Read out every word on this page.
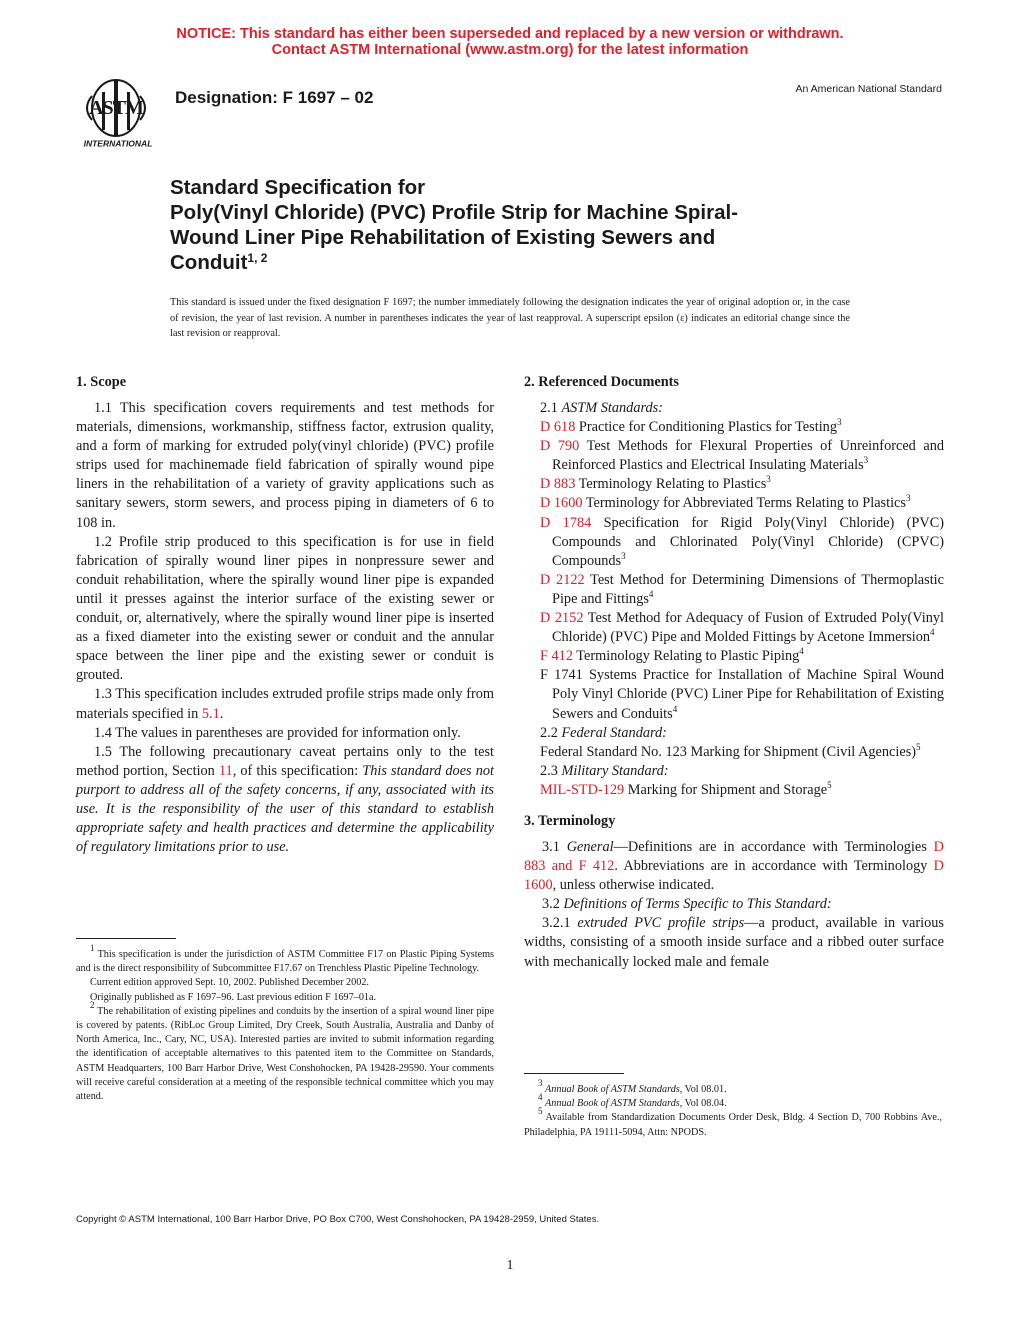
NOTICE: This standard has either been superseded and replaced by a new version or withdrawn.
Contact ASTM International (www.astm.org) for the latest information
ASTM
INTERNATIONAL
Designation: F 1697 – 02	An American National Standard
Standard Specification for
Poly(Vinyl Chloride) (PVC) Profile Strip for Machine Spiral-
Wound Liner Pipe Rehabilitation of Existing Sewers and
Conduit$^{1, 2}$
This standard is issued under the fixed designation F 1697; the number immediately following the designation indicates the year of original adoption or, in the case of revision, the year of last revision. A number in parentheses indicates the year of last reapproval. A superscript epsilon (ε) indicates an editorial change since the last revision or reapproval.
1. Scope

1.1 This specification covers requirements and test methods for materials, dimensions, workmanship, stiffness factor, extrusion quality, and a form of marking for extruded poly(vinyl chloride) (PVC) profile strips used for machinemade field fabrication of spirally wound pipe liners in the rehabilitation of a variety of gravity applications such as sanitary sewers, storm sewers, and process piping in diameters of 6 to 108 in.

1.2 Profile strip produced to this specification is for use in field fabrication of spirally wound liner pipes in nonpressure sewer and conduit rehabilitation, where the spirally wound liner pipe is expanded until it presses against the interior surface of the existing sewer or conduit, or, alternatively, where the spirally wound liner pipe is inserted as a fixed diameter into the existing sewer or conduit and the annular space between the liner pipe and the existing sewer or conduit is grouted.

1.3 This specification includes extruded profile strips made only from materials specified in 5.1.

1.4 The values in parentheses are provided for information only.

1.5 The following precautionary caveat pertains only to the test method portion, Section 11, of this specification: This standard does not purport to address all of the safety concerns, if any, associated with its use. It is the responsibility of the user of this standard to establish appropriate safety and health practices and determine the applicability of regulatory limitations prior to use.

$^1$ This specification is under the jurisdiction of ASTM Committee F17 on Plastic Piping Systems and is the direct responsibility of Subcommittee F17.67 on Trenchless Plastic Pipeline Technology.

Current edition approved Sept. 10, 2002. Published December 2002.

Originally published as F 1697–96. Last previous edition F 1697–01a.

$^2$ The rehabilitation of existing pipelines and conduits by the insertion of a spiral wound liner pipe is covered by patents. (RibLoc Group Limited, Dry Creek, South Australia, Australia and Danby of North America, Inc., Cary, NC, USA). Interested parties are invited to submit information regarding the identification of acceptable alternatives to this patented item to the Committee on Standards, ASTM Headquarters, 100 Barr Harbor Drive, West Conshohocken, PA 19428-29590. Your comments will receive careful consideration at a meeting of the responsible technical committee which you may attend.

2. Referenced Documents

2.1 ASTM Standards:

D 618 Practice for Conditioning Plastics for Testing$^3$

D 790 Test Methods for Flexural Properties of Unreinforced and Reinforced Plastics and Electrical Insulating Materials$^3$

D 883 Terminology Relating to Plastics$^3$

D 1600 Terminology for Abbreviated Terms Relating to Plastics$^3$

D 1784 Specification for Rigid Poly(Vinyl Chloride) (PVC) Compounds and Chlorinated Poly(Vinyl Chloride) (CPVC) Compounds$^3$

D 2122 Test Method for Determining Dimensions of Thermoplastic Pipe and Fittings$^4$

D 2152 Test Method for Adequacy of Fusion of Extruded Poly(Vinyl Chloride) (PVC) Pipe and Molded Fittings by Acetone Immersion$^4$

F 412 Terminology Relating to Plastic Piping$^4$

F 1741 Systems Practice for Installation of Machine Spiral Wound Poly Vinyl Chloride (PVC) Liner Pipe for Rehabilitation of Existing Sewers and Conduits$^4$

2.2 Federal Standard:

Federal Standard No. 123 Marking for Shipment (Civil Agencies)$^5$

2.3 Military Standard:

MIL-STD-129 Marking for Shipment and Storage$^5$

3. Terminology

3.1 General—Definitions are in accordance with Terminologies D 883 and F 412. Abbreviations are in accordance with Terminology D 1600, unless otherwise indicated.

3.2 Definitions of Terms Specific to This Standard:

3.2.1 extruded PVC profile strips—a product, available in various widths, consisting of a smooth inside surface and a ribbed outer surface with mechanically locked male and female

$^3$ Annual Book of ASTM Standards, Vol 08.01.

$^4$ Annual Book of ASTM Standards, Vol 08.04.

$^5$ Available from Standardization Documents Order Desk, Bldg. 4 Section D, 700 Robbins Ave., Philadelphia, PA 19111-5094, Attn: NPODS.

Copyright © ASTM International, 100 Barr Harbor Drive, PO Box C700, West Conshohocken, PA 19428-2959, United States.
1
